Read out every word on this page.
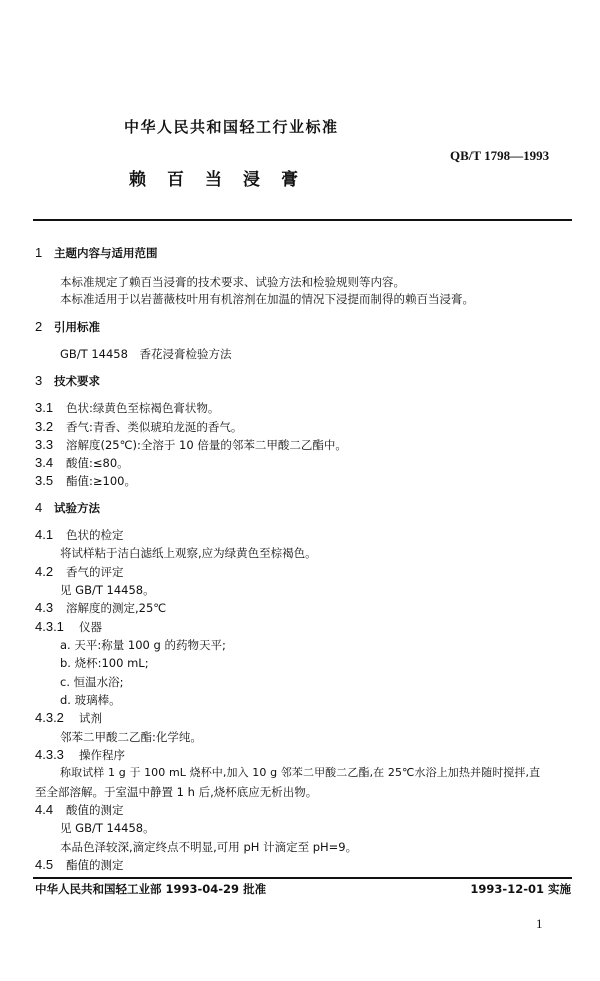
中华人民共和国轻工行业标准
QB/T 1798—1993
赖　百　当　浸　膏
1 主题内容与适用范围
本标准规定了赖百当浸膏的技术要求、试验方法和检验规则等内容。
本标准适用于以岩蔷薇枝叶用有机溶剂在加温的情况下浸提而制得的赖百当浸膏。
2 引用标准
GB/T 14458　香花浸膏检验方法
3 技术要求
3.1 色状:绿黄色至棕褐色膏状物。
3.2 香气:青香、类似琥珀龙涎的香气。
3.3 溶解度(25℃):全溶于 10 倍量的邻苯二甲酸二乙酯中。
3.4 酸值:≤80。
3.5 酯值:≥100。
4 试验方法
4.1 色状的检定
将试样粘于洁白滤纸上观察,应为绿黄色至棕褐色。
4.2 香气的评定
见 GB/T 14458。
4.3 溶解度的测定,25℃
4.3.1 仪器
a. 天平:称量 100 g 的药物天平;
b. 烧杯:100 mL;
c. 恒温水浴;
d. 玻璃棒。
4.3.2 试剂
邻苯二甲酸二乙酯:化学纯。
4.3.3 操作程序
称取试样 1 g 于 100 mL 烧杯中,加入 10 g 邻苯二甲酸二乙酯,在 25℃水浴上加热并随时搅拌,直
至全部溶解。于室温中静置 1 h 后,烧杯底应无析出物。
4.4 酸值的测定
见 GB/T 14458。
本品色泽较深,滴定终点不明显,可用 pH 计滴定至 pH=9。
4.5 酯值的测定
中华人民共和国轻工业部 1993-04-29 批准	1993-12-01 实施
1
